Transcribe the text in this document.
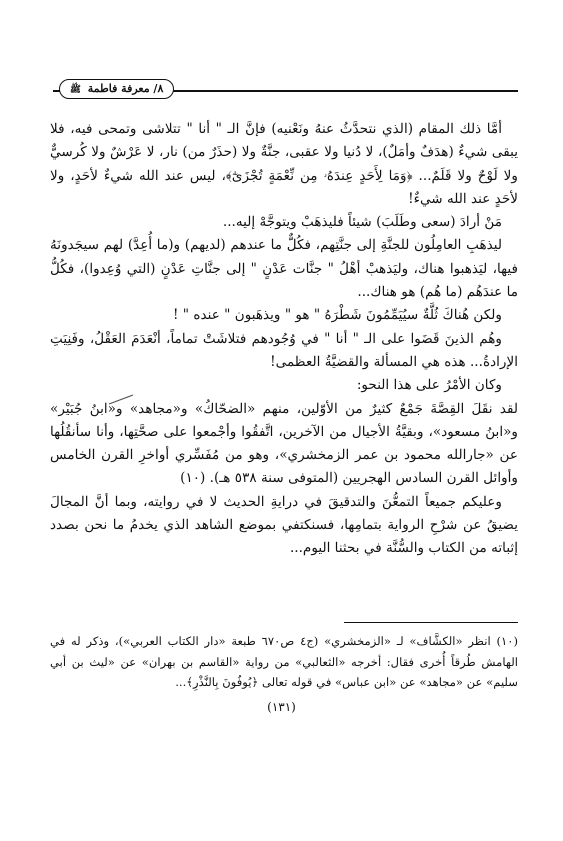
٨/ معرفة فاطمة ﷺ

أمَّا ذلك المقام (الذي نتحدَّثُ عنهُ ونَعْنيه) فإنَّ الـ " أنا " تتلاشى وتمحى فيه، فلا يبقى شيءٌ (هدَفٌ وأمَلٌ)، لا دُنيا ولا عقبى، جنَّةٌ ولا (حذَرٌ من) نار، لا عَرْشٌ ولا كُرسيٌّ ولا لَوْحٌ ولا قَلَمٌ... ﴿وَمَا لِأَحَدٍ عِندَهُۥ مِن نِّعْمَةٍ تُجْزَىٰٓ﴾، ليس عند الله شيءٌ لأحَدٍ، ولا لأحَدٍ عند الله شيءٌ!

مَنْ أرادَ (سعى وطَلَبَ) شيئاً فليذهَبْ ويتوجَّهْ إليه...

ليذهَبِ العامِلُون للجنَّةِ إلى جنَّتِهم، فكُلٌّ ما عندهم (لديهم) و(ما أُعِدَّ) لهم سيجَدونَهُ فيها، ليَذهبوا هناك، وليَذهبْ أهْلُ " جنَّات عَدْنٍ " إلى جنَّاتِ عَدْنٍ (التي وُعِدوا)، فكُلُّ ما عندَهُم (ما هُم) هو هناك...

ولكن هُناكَ ثُلَّةٌ سيُيَمِّمُونَ شَطْرَهُ " هو " ويذهَبون " عنده " !

وهُم الذينَ قَضَوا على الـ " أنا " في وُجُودهم فتلاشَتْ تماماً، أنْعَدَمَ العَقْلُ، وفَنِيَتِ الإرادةُ... هذه هي المسألة والقضيَّةُ العظمى!

وكان الأمْرُ على هذا النحو:

لقد نقَلَ القِصَّةَ جَمْعٌ كثيرٌ من الأوّلين، منهم «الضحّاكُ» و«مجاهد» و«ابنُ جُبَيْر» و«ابنُ مسعود»، وبقيَّةُ الأجيال من الآخرين، اتَّفقُوا وأجْمعوا على صحَّتِها، وأنا سأنقُلُها عن «جارالله محمود بن عمر الزمخشري»، وهو من مُفَسِّري أواخرِ القرن الخامس وأوائل القرن السادس الهجريين (المتوفى سنة ٥٣٨ هـ). (١٠)

وعليكم جميعاً التمعُّنَ والتدقيقَ في درايةِ الحديث لا في روايته، وبما أنَّ المجالَ يضيقُ عن شرْحِ الرواية بتمامِها، فسنكتفي بموضع الشاهد الذي يخدمُ ما نحن بصدد إثباته من الكتاب والسُّنَّة في بحثنا اليوم...

(١٠) انظر «الكشَّاف» لـ «الزمخشري» (ج٤ ص٦٧٠ طبعة «دار الكتاب العربي»)، وذكر له في الهامش طُرقاً أُخرى فقال: أخرجه «الثعالبي» من رواية «القاسم بن بهران» عن «ليث بن أبي سليم» عن «مجاهد» عن «ابن عباس» في قوله تعالى ﴿يُوفُونَ بِالنَّذْرِ﴾...

(١٣١)
